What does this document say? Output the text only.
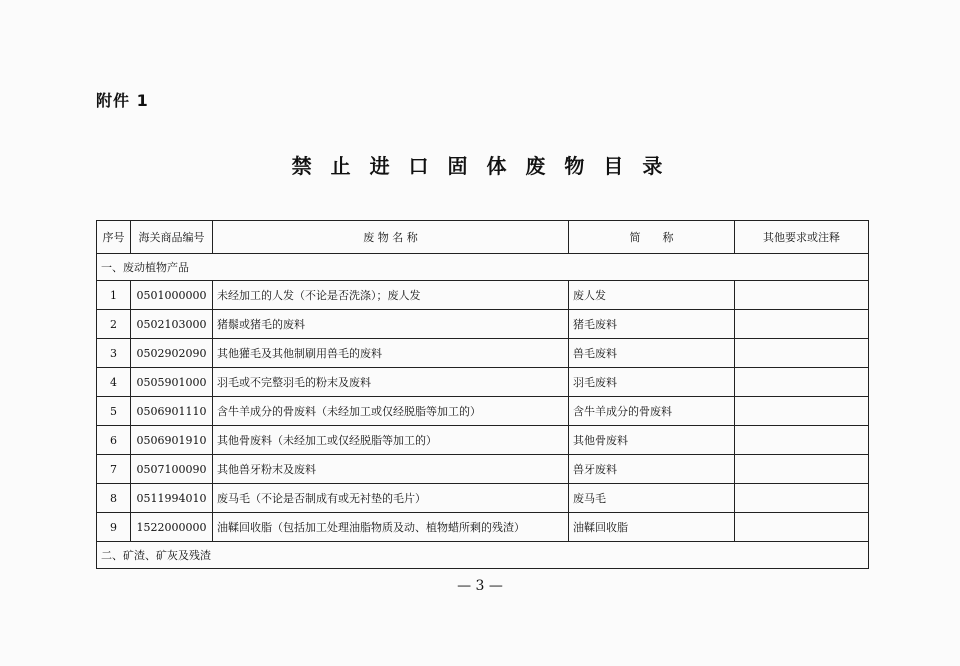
附件 1
禁 止 进 口 固 体 废 物 目 录
序号	海关商品编号	废 物 名 称	简　　称	其他要求或注释
一、废动植物产品				
1	0501000000	未经加工的人发（不论是否洗涤）；废人发	废人发	
2	0502103000	猪鬃或猪毛的废料	猪毛废料	
3	0502902090	其他獾毛及其他制刷用兽毛的废料	兽毛废料	
4	0505901000	羽毛或不完整羽毛的粉末及废料	羽毛废料	
5	0506901110	含牛羊成分的骨废料（未经加工或仅经脱脂等加工的）	含牛羊成分的骨废料	
6	0506901910	其他骨废料（未经加工或仅经脱脂等加工的）	其他骨废料	
7	0507100090	其他兽牙粉末及废料	兽牙废料	
8	0511994010	废马毛（不论是否制成有或无衬垫的毛片）	废马毛	
9	1522000000	油鞣回收脂（包括加工处理油脂物质及动、植物蜡所剩的残渣）	油鞣回收脂	
二、矿渣、矿灰及残渣				
— 3 —
